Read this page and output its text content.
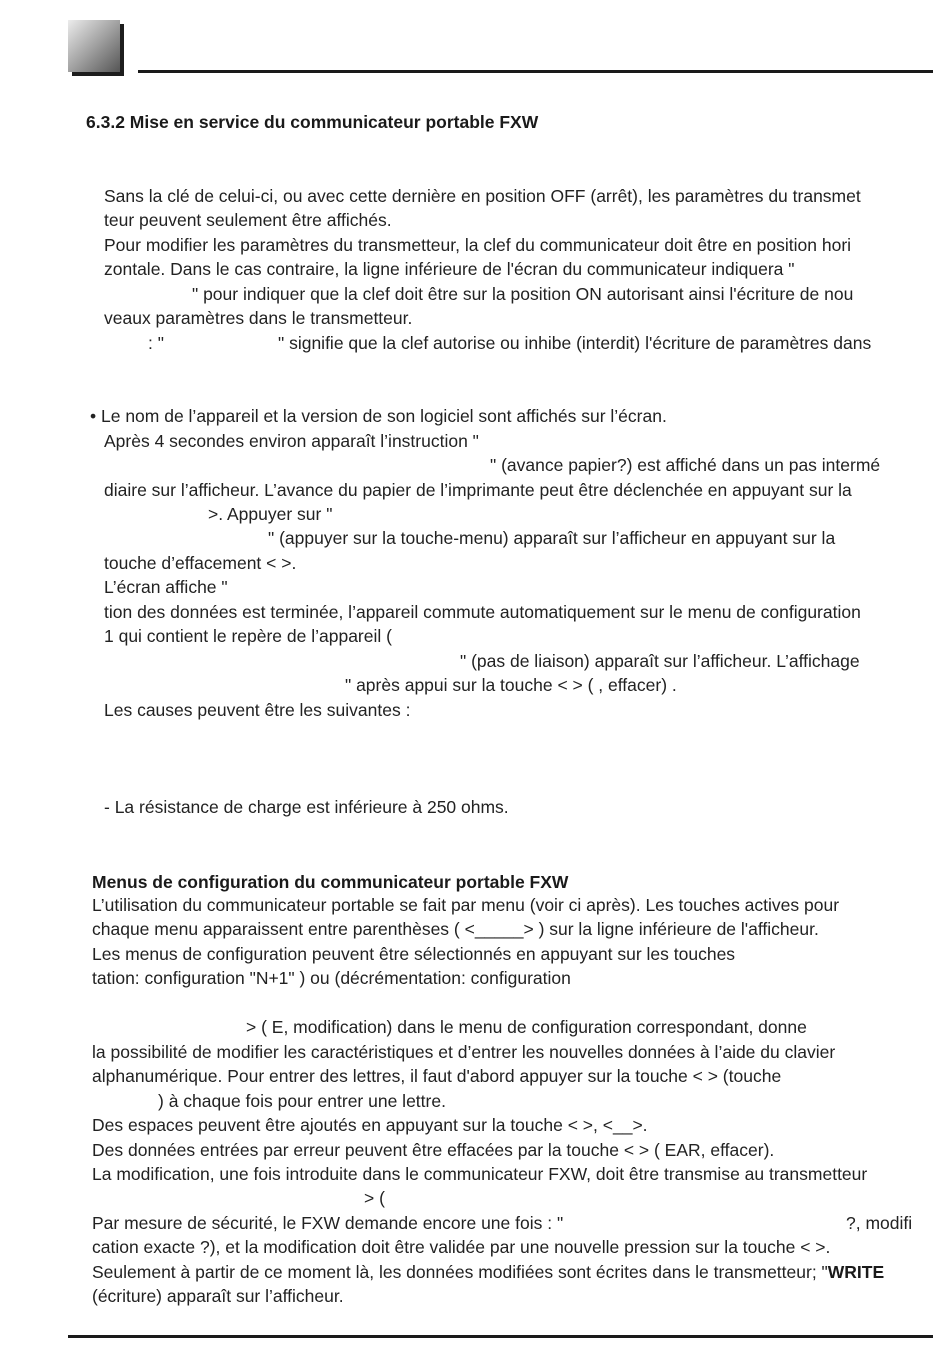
6.3.2 Mise en service du communicateur portable FXW
Sans la clé de celui-ci, ou avec cette dernière en position OFF (arrêt), les paramètres du transmet
teur peuvent seulement être affichés.
Pour modifier les paramètres du transmetteur, la clef du communicateur doit être en position hori
zontale. Dans le cas contraire, la ligne inférieure de l'écran du communicateur indiquera "
" pour indiquer que la clef doit être sur la position ON autorisant ainsi l'écriture de nou
veaux paramètres dans le transmetteur.
: "	" signifie que la clef autorise ou inhibe (interdit) l'écriture de paramètres dans
• Le nom de l’appareil et la version de son logiciel sont affichés sur l’écran.
Après 4 secondes environ apparaît l’instruction "
" (avance papier?) est affiché dans un pas intermé
diaire sur l’afficheur. L’avance du papier de l’imprimante peut être déclenchée en appuyant sur la
>. Appuyer sur "
" (appuyer sur la touche-menu) apparaît sur l’afficheur en appuyant sur la
touche d’effacement < >.
L’écran affiche "
tion des données est terminée, l’appareil commute automatiquement sur le menu de configuration
1 qui contient le repère de l’appareil (
" (pas de liaison) apparaît sur l’afficheur. L’affichage
" après appui sur la touche < > ( , effacer) .
Les causes peuvent être les suivantes :
- La résistance de charge est inférieure à 250 ohms.
Menus de configuration du communicateur portable FXW
L’utilisation du communicateur portable se fait par menu (voir ci après). Les touches actives pour
chaque menu apparaissent entre parenthèses ( <_____> ) sur la ligne inférieure de l'afficheur.
Les menus de configuration peuvent être sélectionnés en appuyant sur les touches
tation: configuration "N+1" ) ou (décrémentation: configuration
> ( E, modification) dans le menu de configuration correspondant, donne
la possibilité de modifier les caractéristiques et d’entrer les nouvelles données à l’aide du clavier
alphanumérique. Pour entrer des lettres, il faut d'abord appuyer sur la touche < > (touche
) à chaque fois pour entrer une lettre.
Des espaces peuvent être ajoutés en appuyant sur la touche < >, <__>.
Des données entrées par erreur peuvent être effacées par la touche < > ( EAR, effacer).
La modification, une fois introduite dans le communicateur FXW, doit être transmise au transmetteur
> (
Par mesure de sécurité, le FXW demande encore une fois : "	?, modifi
cation exacte ?), et la modification doit être validée par une nouvelle pression sur la touche < >.
Seulement à partir de ce moment là, les données modifiées sont écrites dans le transmetteur; "WRITE
(écriture) apparaît sur l’afficheur.
